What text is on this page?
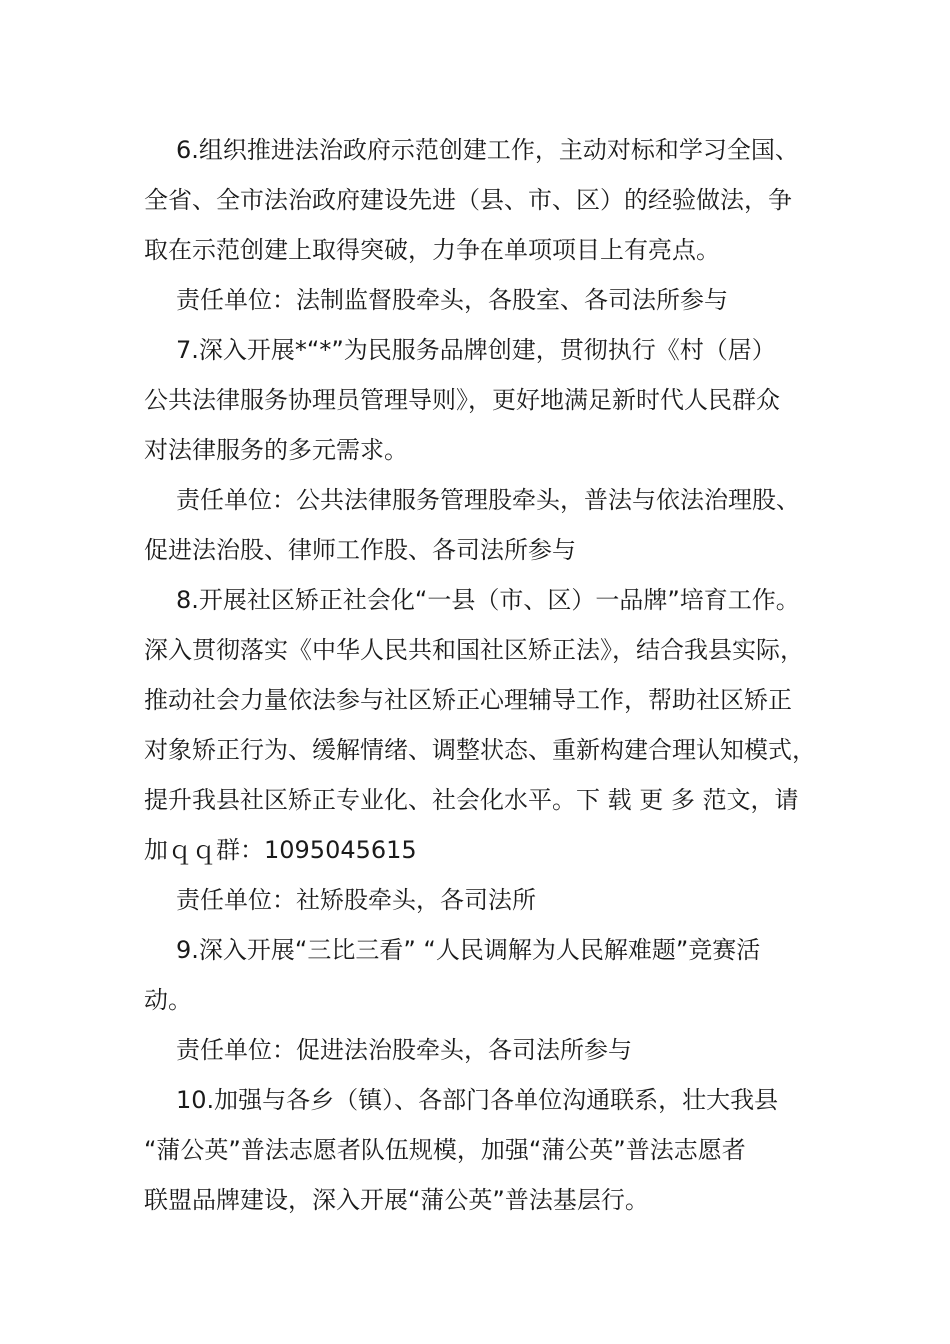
6.组织推进法治政府示范创建工作，主动对标和学习全国、
全省、全市法治政府建设先进（县、市、区）的经验做法，争
取在示范创建上取得突破，力争在单项项目上有亮点。
责任单位：法制监督股牵头，各股室、各司法所参与
7.深入开展*“*”为民服务品牌创建，贯彻执行《村（居）
公共法律服务协理员管理导则》，更好地满足新时代人民群众
对法律服务的多元需求。
责任单位：公共法律服务管理股牵头，普法与依法治理股、
促进法治股、律师工作股、各司法所参与
8.开展社区矫正社会化“一县（市、区）一品牌”培育工作。
深入贯彻落实《中华人民共和国社区矫正法》，结合我县实际，
推动社会力量依法参与社区矫正心理辅导工作，帮助社区矫正
对象矫正行为、缓解情绪、调整状态、重新构建合理认知模式，
提升我县社区矫正专业化、社会化水平。下 载 更 多 范文，请
加ｑｑ群：1095045615
责任单位：社矫股牵头，各司法所
9.深入开展“三比三看” “人民调解为人民解难题”竞赛活
动。
责任单位：促进法治股牵头，各司法所参与
10.加强与各乡（镇）、各部门各单位沟通联系，壮大我县
“蒲公英”普法志愿者队伍规模，加强“蒲公英”普法志愿者
联盟品牌建设，深入开展“蒲公英”普法基层行。
